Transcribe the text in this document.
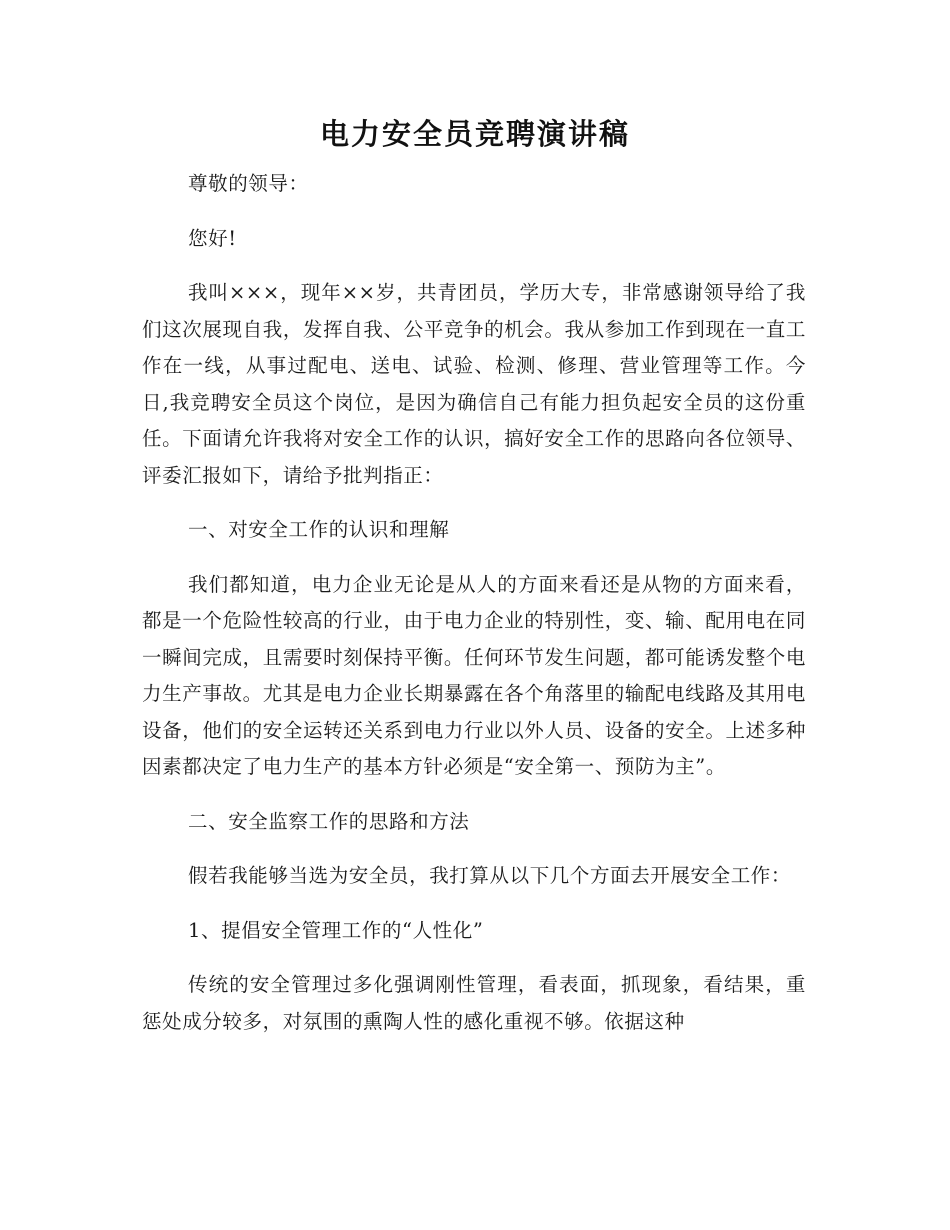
电力安全员竞聘演讲稿

尊敬的领导：

您好!

我叫×××，现年××岁，共青团员，学历大专，非常感谢领导给了我们这次展现自我，发挥自我、公平竞争的机会。我从参加工作到现在一直工作在一线，从事过配电、送电、试验、检测、修理、营业管理等工作。今日,我竞聘安全员这个岗位，是因为确信自己有能力担负起安全员的这份重任。下面请允许我将对安全工作的认识，搞好安全工作的思路向各位领导、评委汇报如下，请给予批判指正：

一、对安全工作的认识和理解

我们都知道，电力企业无论是从人的方面来看还是从物的方面来看，都是一个危险性较高的行业，由于电力企业的特别性，变、输、配用电在同一瞬间完成，且需要时刻保持平衡。任何环节发生问题，都可能诱发整个电力生产事故。尤其是电力企业长期暴露在各个角落里的输配电线路及其用电设备，他们的安全运转还关系到电力行业以外人员、设备的安全。上述多种因素都决定了电力生产的基本方针必须是“安全第一、预防为主”。

二、安全监察工作的思路和方法

假若我能够当选为安全员，我打算从以下几个方面去开展安全工作：

1、提倡安全管理工作的“人性化”

传统的安全管理过多化强调刚性管理，看表面，抓现象，看结果，重惩处成分较多，对氛围的熏陶人性的感化重视不够。依据这种
